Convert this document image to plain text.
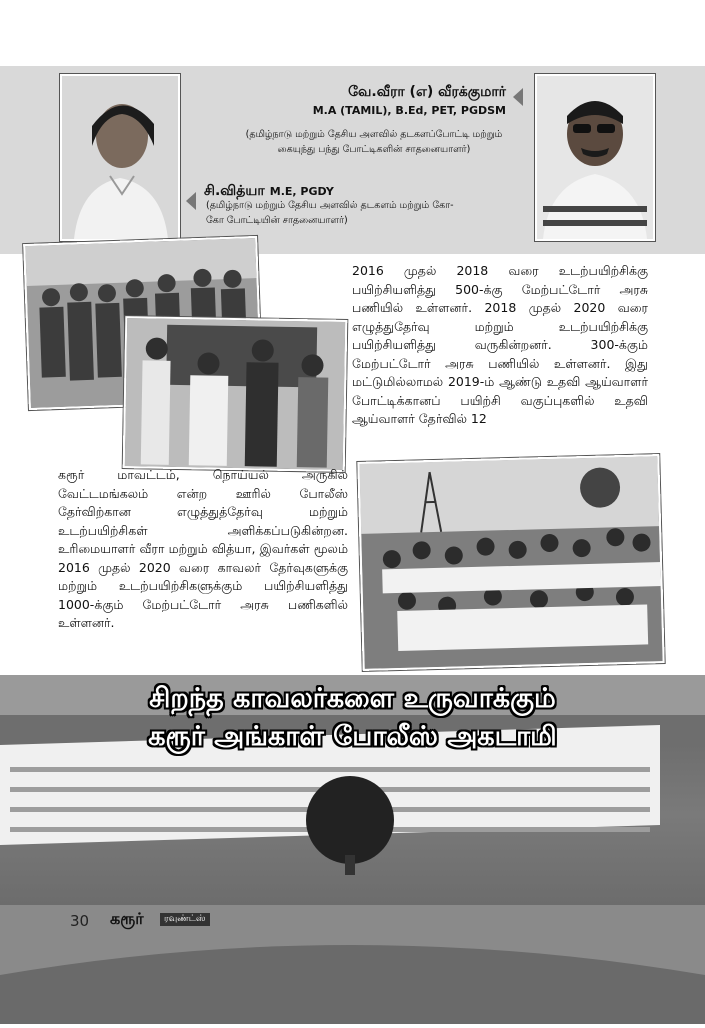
வே.வீரா (எ) வீரக்குமார்
M.A (TAMIL), B.Ed, PET, PGDSM
(தமிழ்நாடு மற்றும் தேசிய அளவில் தடகளப்போட்டி மற்றும் கையுந்து பந்து போட்டிகளின் சாதனையாளர்)
சி.வித்யா M.E, PGDY
(தமிழ்நாடு மற்றும் தேசிய அளவில் தடகளம் மற்றும் கோ-கோ போட்டியின் சாதனையாளர்)
2016 முதல் 2018 வரை உடற்பயிற்சிக்கு பயிற்சியளித்து 500-க்கு மேற்பட்டோர் அரசு பணியில் உள்ளனர். 2018 முதல் 2020 வரை எழுத்துதேர்வு மற்றும் உடற்பயிற்சிக்கு பயிற்சியளித்து வருகின்றனர். 300-க்கும் மேற்பட்டோர் அரசு பணியில் உள்ளனர். இது மட்டுமில்லாமல் 2019-ம் ஆண்டு உதவி ஆய்வாளர் போட்டிக்கானப் பயிற்சி வகுப்புகளில் உதவி ஆய்வாளர் தேர்வில் 12
கரூர் மாவட்டம், நொய்யல் அருகில் வேட்டமங்கலம் என்ற ஊரில் போலீஸ் தேர்விற்கான எழுத்துத்தேர்வு மற்றும் உடற்பயிற்சிகள் அளிக்கப்படுகின்றன. உரிமையாளர் வீரா மற்றும் வித்யா, இவர்கள் மூலம் 2016 முதல் 2020 வரை காவலர் தேர்வுகளுக்கு மற்றும் உடற்பயிற்சிகளுக்கும் பயிற்சியளித்து 1000-க்கும் மேற்பட்டோர் அரசு பணிகளில் உள்ளனர்.
சிறந்த காவலர்களை உருவாக்கும்
கரூர் அங்காள் போலீஸ் அகடாமி
30 கரூர்	ரவுண்ட்ஸ்
